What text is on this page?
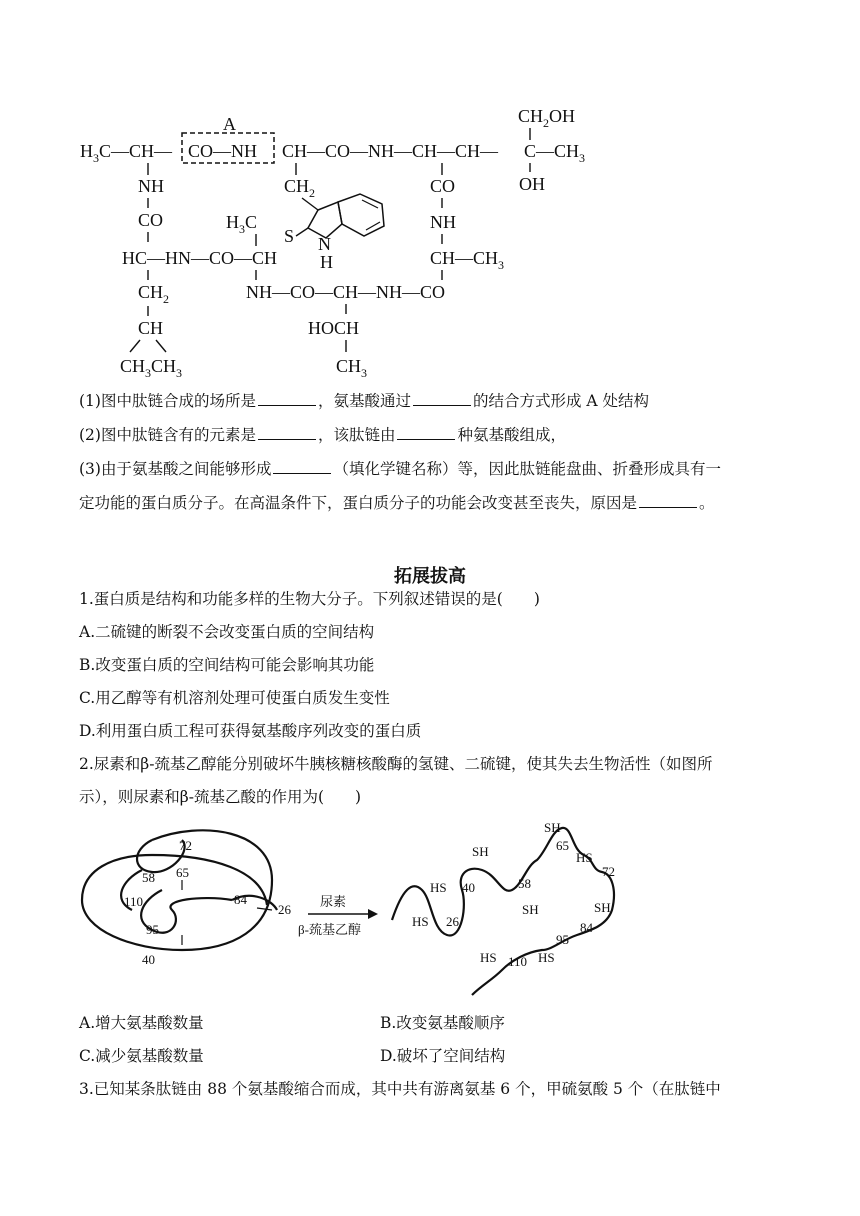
A
$H_3C—CH—$ CO—NH CH—CO—NH—CH—CH— C $—CH_3$
$CH_2OH$
OH
NH
CO
HC—HN—CO—CH
$CH_2$
CH
$CH_3CH_3$
$H_3C$
NH—CO—CH—NH—CO
HOCH
$CH_3$
$CH_2$
S N
H
CO
NH
$CH—CH_3$
(1)图中肽链合成的场所是	，氨基酸通过	的结合方式形成 A 处结构
(2)图中肽链含有的元素是	，该肽链由	种氨基酸组成，
(3)由于氨基酸之间能够形成	（填化学键名称）等，因此肽链能盘曲、折叠形成具有一
定功能的蛋白质分子。在高温条件下，蛋白质分子的功能会改变甚至丧失，原因是	。
拓展拔高
1.蛋白质是结构和功能多样的生物大分子。下列叙述错误的是(　　)
A.二硫键的断裂不会改变蛋白质的空间结构
B.改变蛋白质的空间结构可能会影响其功能
C.用乙醇等有机溶剂处理可使蛋白质发生变性
D.利用蛋白质工程可获得氨基酸序列改变的蛋白质
2.尿素和β-巯基乙醇能分别破坏牛胰核糖核酸酶的氢键、二硫键，使其失去生物活性（如图所
示），则尿素和β-巯基乙酸的作用为(　　)
72
65
58
110	84
26
95
40
尿素
β-巯基乙醇
SH
SH
SH	SH
HS
HS
HS
HS	HS
65
72
40	58
26	84
95
110
A.增大氨基酸数量	B.改变氨基酸顺序
C.减少氨基酸数量	D.破坏了空间结构
3.已知某条肽链由 88 个氨基酸缩合而成，其中共有游离氨基 6 个，甲硫氨酸 5 个（在肽链中
